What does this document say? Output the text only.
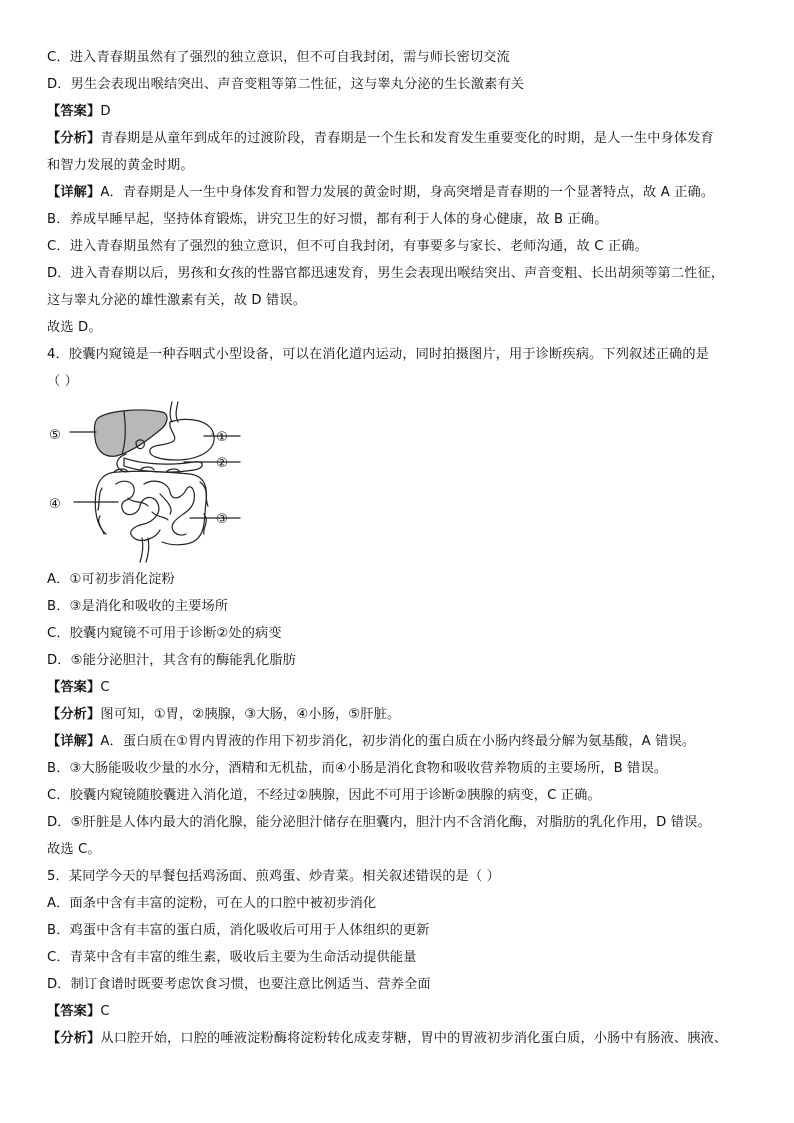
C．进入青春期虽然有了强烈的独立意识，但不可自我封闭，需与师长密切交流
D．男生会表现出喉结突出、声音变粗等第二性征，这与睾丸分泌的生长激素有关
【答案】D
【分析】青春期是从童年到成年的过渡阶段，青春期是一个生长和发育发生重要变化的时期，是人一生中身体发育
和智力发展的黄金时期。
【详解】A．青春期是人一生中身体发育和智力发展的黄金时期，身高突增是青春期的一个显著特点，故 A 正确。
B．养成早睡早起，坚持体育锻炼，讲究卫生的好习惯，都有利于人体的身心健康，故 B 正确。
C．进入青春期虽然有了强烈的独立意识，但不可自我封闭，有事要多与家长、老师沟通，故 C 正确。
D．进入青春期以后，男孩和女孩的性器官都迅速发育，男生会表现出喉结突出、声音变粗、长出胡须等第二性征，
这与睾丸分泌的雄性激素有关，故 D 错误。
故选 D。
4．胶囊内窥镜是一种吞咽式小型设备，可以在消化道内运动，同时拍摄图片，用于诊断疾病。下列叙述正确的是
（ ）
⑤	①
②
④
③
A．①可初步消化淀粉
B．③是消化和吸收的主要场所
C．胶囊内窥镜不可用于诊断②处的病变
D．⑤能分泌胆汁，其含有的酶能乳化脂肪
【答案】C
【分析】图可知，①胃，②胰腺，③大肠，④小肠，⑤肝脏。
【详解】A．蛋白质在①胃内胃液的作用下初步消化，初步消化的蛋白质在小肠内终最分解为氨基酸，A 错误。
B．③大肠能吸收少量的水分，酒精和无机盐，而④小肠是消化食物和吸收营养物质的主要场所，B 错误。
C．胶囊内窥镜随胶囊进入消化道，不经过②胰腺，因此不可用于诊断②胰腺的病变，C 正确。
D．⑤肝脏是人体内最大的消化腺，能分泌胆汁储存在胆囊内，胆汁内不含消化酶，对脂肪的乳化作用，D 错误。
故选 C。
5．某同学今天的早餐包括鸡汤面、煎鸡蛋、炒青菜。相关叙述错误的是（ ）
A．面条中含有丰富的淀粉，可在人的口腔中被初步消化
B．鸡蛋中含有丰富的蛋白质，消化吸收后可用于人体组织的更新
C．青菜中含有丰富的维生素，吸收后主要为生命活动提供能量
D．制订食谱时既要考虑饮食习惯，也要注意比例适当、营养全面
【答案】C
【分析】从口腔开始，口腔的唾液淀粉酶将淀粉转化成麦芽糖，胃中的胃液初步消化蛋白质，小肠中有肠液、胰液、
